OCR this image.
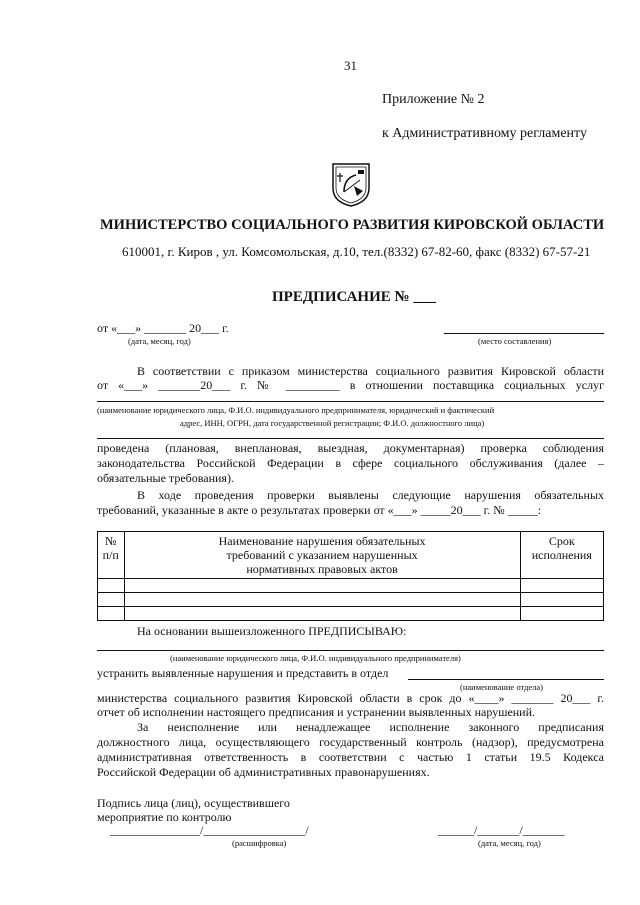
31
Приложение № 2
к Административному регламенту
МИНИСТЕРСТВО СОЦИАЛЬНОГО РАЗВИТИЯ КИРОВСКОЙ ОБЛАСТИ
610001, г. Киров , ул. Комсомольская, д.10, тел.(8332) 67-82-60, факс (8332) 67-57-21
ПРЕДПИСАНИЕ № ___
от «___» _______ 20___ г.
(дата, месяц, год)	(место составления)
В соответствии с приказом министерства социального развития Кировской области
от «___» _______20___ г. № _________ в отношении поставщика социальных услуг
(наименование юридического лица, Ф.И.О. индивидуального предпринимателя, юридический и фактический
адрес, ИНН, ОГРН, дата государственной регистрации; Ф.И.О. должностного лица)
проведена (плановая, внеплановая, выездная, документарная) проверка соблюдения
законодательства Российской Федерации в сфере социального обслуживания (далее –
обязательные требования).
В ходе проведения проверки выявлены следующие нарушения обязательных
требований, указанные в акте о результатах проверки от «___» _____20___ г. № _____:
№ п/п	Наименование нарушения обязательных требований с указанием нарушенных нормативных правовых актов	Срок исполнения

На основании вышеизложенного ПРЕДПИСЫВАЮ:
(наименование юридического лица, Ф.И.О. индивидуального предпринимателя)
устранить выявленные нарушения и представить в отдел
(наименование отдела)
министерства социального развития Кировской области в срок до «____» _______ 20___ г.
отчет об исполнении настоящего предписания и устранении выявленных нарушений.
За неисполнение или ненадлежащее исполнение законного предписания
должностного лица, осуществляющего государственный контроль (надзор), предусмотрена
административная ответственность в соответствии с частью 1 статьи 19.5 Кодекса
Российской Федерации об административных правонарушениях.
Подпись лица (лиц), осуществившего
мероприятие по контролю
_______________/_________________/	______/_______/_______
(расшифровка)	(дата, месяц, год)
